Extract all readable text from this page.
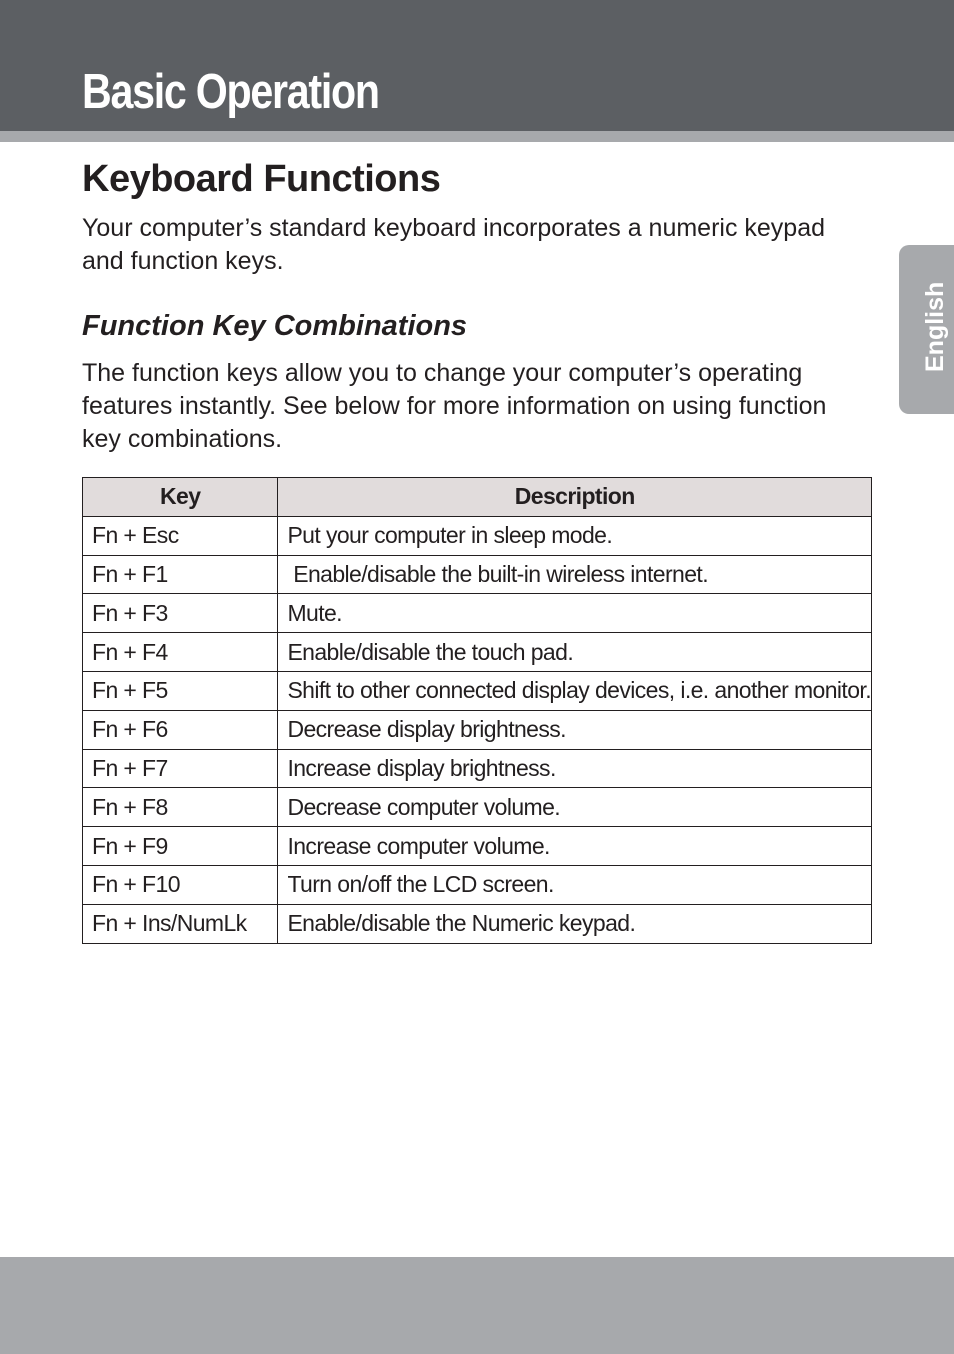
Basic Operation
English
Keyboard Functions

Your computer’s standard keyboard incorporates a numeric keypad and function keys.

Function Key Combinations

The function keys allow you to change your computer’s operating features instantly. See below for more information on using function key combinations.

Key	Description
Fn + Esc	Put your computer in sleep mode.
Fn + F1	Enable/disable the built-in wireless internet.
Fn + F3	Mute.
Fn + F4	Enable/disable the touch pad.
Fn + F5	Shift to other connected display devices, i.e. another monitor.
Fn + F6	Decrease display brightness.
Fn + F7	Increase display brightness.
Fn + F8	Decrease computer volume.
Fn + F9	Increase computer volume.
Fn + F10	Turn on/off the LCD screen.
Fn + Ins/NumLk	Enable/disable the Numeric keypad.
